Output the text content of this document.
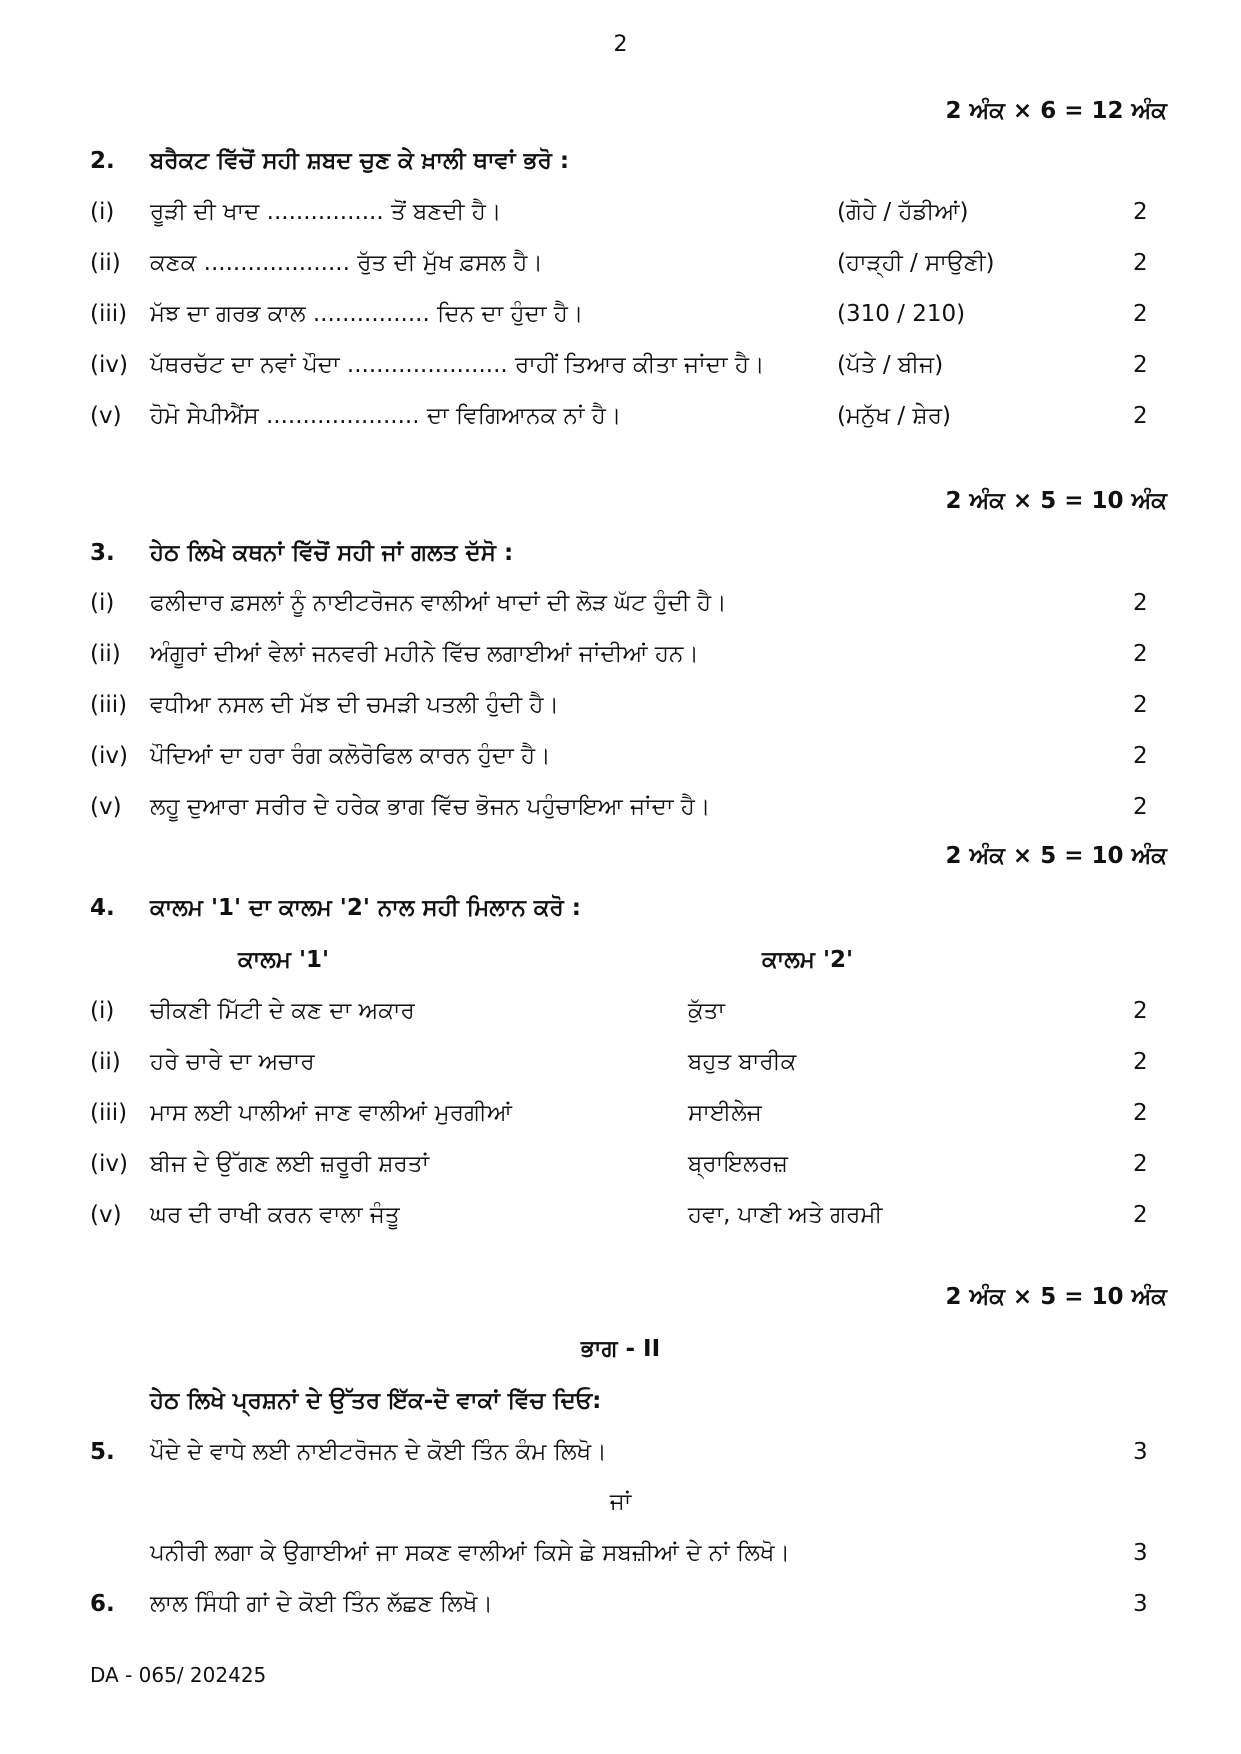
2
2 ਅੰਕ × 6 = 12 ਅੰਕ
2. ਬਰੈਕਟ ਵਿੱਚੋਂ ਸਹੀ ਸ਼ਬਦ ਚੁਣ ਕੇ ਖ਼ਾਲੀ ਥਾਵਾਂ ਭਰੋ :
(i) ਰੂੜੀ ਦੀ ਖਾਦ ................ ਤੋਂ ਬਣਦੀ ਹੈ।	(ਗੋਹੇ / ਹੱਡੀਆਂ)	2
(ii) ਕਣਕ .................... ਰੁੱਤ ਦੀ ਮੁੱਖ ਫ਼ਸਲ ਹੈ।	(ਹਾੜ੍ਹੀ / ਸਾਉਣੀ)	2
(iii) ਮੱਝ ਦਾ ਗਰਭ ਕਾਲ ................ ਦਿਨ ਦਾ ਹੁੰਦਾ ਹੈ।	(310 / 210)	2
(iv) ਪੱਥਰਚੱਟ ਦਾ ਨਵਾਂ ਪੌਦਾ ...................... ਰਾਹੀਂ ਤਿਆਰ ਕੀਤਾ ਜਾਂਦਾ ਹੈ।	(ਪੱਤੇ / ਬੀਜ)	2
(v) ਹੋਮੋ ਸੇਪੀਐਂਸ ..................... ਦਾ ਵਿਗਿਆਨਕ ਨਾਂ ਹੈ।	(ਮਨੁੱਖ / ਸ਼ੇਰ)	2
2 ਅੰਕ × 5 = 10 ਅੰਕ
3. ਹੇਠ ਲਿਖੇ ਕਥਨਾਂ ਵਿੱਚੋਂ ਸਹੀ ਜਾਂ ਗਲਤ ਦੱਸੋ :
(i) ਫਲੀਦਾਰ ਫ਼ਸਲਾਂ ਨੂੰ ਨਾਈਟਰੋਜਨ ਵਾਲੀਆਂ ਖਾਦਾਂ ਦੀ ਲੋੜ ਘੱਟ ਹੁੰਦੀ ਹੈ।	2
(ii) ਅੰਗੂਰਾਂ ਦੀਆਂ ਵੇਲਾਂ ਜਨਵਰੀ ਮਹੀਨੇ ਵਿੱਚ ਲਗਾਈਆਂ ਜਾਂਦੀਆਂ ਹਨ।	2
(iii) ਵਧੀਆ ਨਸਲ ਦੀ ਮੱਝ ਦੀ ਚਮੜੀ ਪਤਲੀ ਹੁੰਦੀ ਹੈ।	2
(iv) ਪੌਦਿਆਂ ਦਾ ਹਰਾ ਰੰਗ ਕਲੋਰੋਫਿਲ ਕਾਰਨ ਹੁੰਦਾ ਹੈ।	2
(v) ਲਹੂ ਦੁਆਰਾ ਸਰੀਰ ਦੇ ਹਰੇਕ ਭਾਗ ਵਿੱਚ ਭੋਜਨ ਪਹੁੰਚਾਇਆ ਜਾਂਦਾ ਹੈ।	2
2 ਅੰਕ × 5 = 10 ਅੰਕ
4. ਕਾਲਮ '1' ਦਾ ਕਾਲਮ '2' ਨਾਲ ਸਹੀ ਮਿਲਾਨ ਕਰੋ :
ਕਾਲਮ '1'	ਕਾਲਮ '2'
(i) ਚੀਕਣੀ ਮਿੱਟੀ ਦੇ ਕਣ ਦਾ ਅਕਾਰ	ਕੁੱਤਾ	2
(ii) ਹਰੇ ਚਾਰੇ ਦਾ ਅਚਾਰ	ਬਹੁਤ ਬਾਰੀਕ	2
(iii) ਮਾਸ ਲਈ ਪਾਲੀਆਂ ਜਾਣ ਵਾਲੀਆਂ ਮੁਰਗੀਆਂ	ਸਾਈਲੇਜ	2
(iv) ਬੀਜ ਦੇ ਉੱਗਣ ਲਈ ਜ਼ਰੂਰੀ ਸ਼ਰਤਾਂ	ਬ੍ਰਾਇਲਰਜ਼	2
(v) ਘਰ ਦੀ ਰਾਖੀ ਕਰਨ ਵਾਲਾ ਜੰਤੂ	ਹਵਾ, ਪਾਣੀ ਅਤੇ ਗਰਮੀ	2
2 ਅੰਕ × 5 = 10 ਅੰਕ
ਭਾਗ - II
ਹੇਠ ਲਿਖੇ ਪ੍ਰਸ਼ਨਾਂ ਦੇ ਉੱਤਰ ਇੱਕ-ਦੋ ਵਾਕਾਂ ਵਿੱਚ ਦਿਓ:
5. ਪੌਦੇ ਦੇ ਵਾਧੇ ਲਈ ਨਾਈਟਰੋਜਨ ਦੇ ਕੋਈ ਤਿੰਨ ਕੰਮ ਲਿਖੋ।	3
ਜਾਂ
ਪਨੀਰੀ ਲਗਾ ਕੇ ਉਗਾਈਆਂ ਜਾ ਸਕਣ ਵਾਲੀਆਂ ਕਿਸੇ ਛੇ ਸਬਜ਼ੀਆਂ ਦੇ ਨਾਂ ਲਿਖੋ।	3
6. ਲਾਲ ਸਿੰਧੀ ਗਾਂ ਦੇ ਕੋਈ ਤਿੰਨ ਲੱਛਣ ਲਿਖੋ।	3
DA - 065/ 202425
